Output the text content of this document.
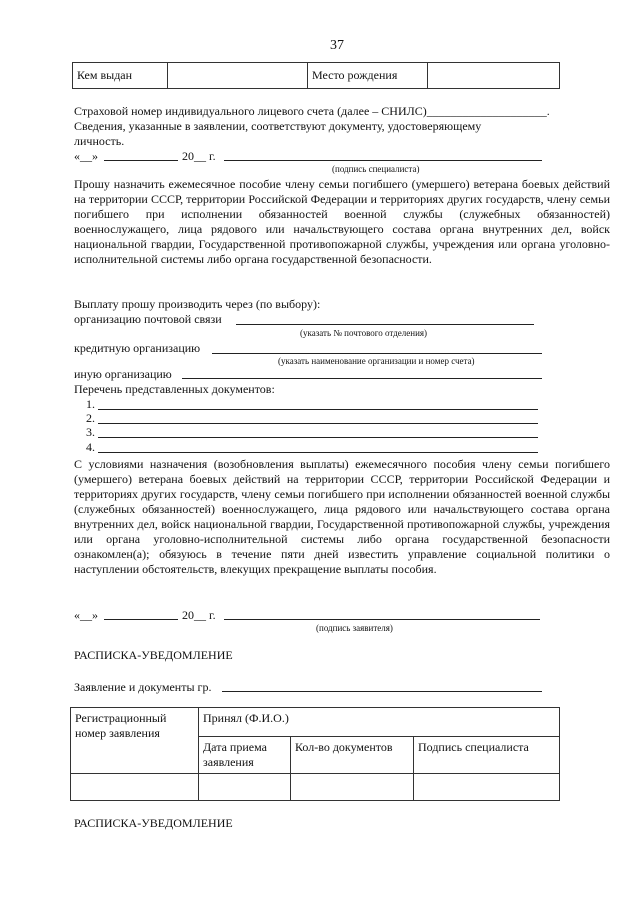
37
Кем выдан		Место рождения	
Страховой номер индивидуального лицевого счета (далее – СНИЛС)____________________.
Сведения, указанные в заявлении, соответствуют документу, удостоверяющему
личность.
«__»	20__ г.
(подпись специалиста)
Прошу назначить ежемесячное пособие члену семьи погибшего (умершего) ветерана боевых действий на территории СССР, территории Российской Федерации и территориях других государств, члену семьи погибшего при исполнении обязанностей военной службы (служебных обязанностей) военнослужащего, лица рядового или начальствующего состава органа внутренних дел, войск национальной гвардии, Государственной противопожарной службы, учреждения или органа уголовно-исполнительной системы либо органа государственной безопасности.
Выплату прошу производить через (по выбору):
организацию почтовой связи
(указать № почтового отделения)
кредитную организацию
(указать наименование организации и номер счета)
иную организацию
Перечень представленных документов:
1.
2.
3.
4.
С условиями назначения (возобновления выплаты) ежемесячного пособия члену семьи погибшего (умершего) ветерана боевых действий на территории СССР, территории Российской Федерации и территориях других государств, члену семьи погибшего при исполнении обязанностей военной службы (служебных обязанностей) военнослужащего, лица рядового или начальствующего состава органа внутренних дел, войск национальной гвардии, Государственной противопожарной службы, учреждения или органа уголовно-исполнительной системы либо органа государственной безопасности ознакомлен(а); обязуюсь в течение пяти дней известить управление социальной политики о наступлении обстоятельств, влекущих прекращение выплаты пособия.
«__»	20__ г.
(подпись заявителя)
РАСПИСКА-УВЕДОМЛЕНИЕ
Заявление и документы гр.
Регистрационный номер заявления	Принял (Ф.И.О.)		
	Дата приема заявления	Кол-во документов	Подпись специалиста

РАСПИСКА-УВЕДОМЛЕНИЕ
